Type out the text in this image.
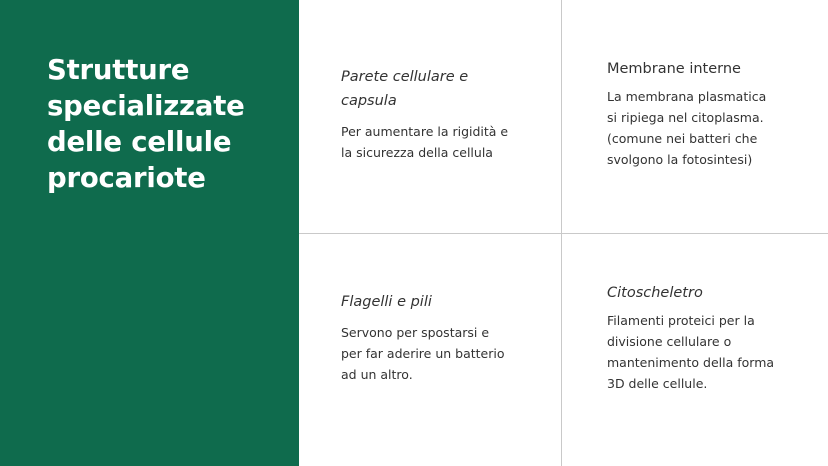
Strutture
specializzate
delle cellule
procariote
Parete cellulare e
capsula

Per aumentare la rigidità e
la sicurezza della cellula

Membrane interne

La membrana plasmatica
si ripiega nel citoplasma.
(comune nei batteri che
svolgono la fotosintesi)

Flagelli e pili

Servono per spostarsi e
per far aderire un batterio
ad un altro.

Citoscheletro

Filamenti proteici per la
divisione cellulare o
mantenimento della forma
3D delle cellule.
